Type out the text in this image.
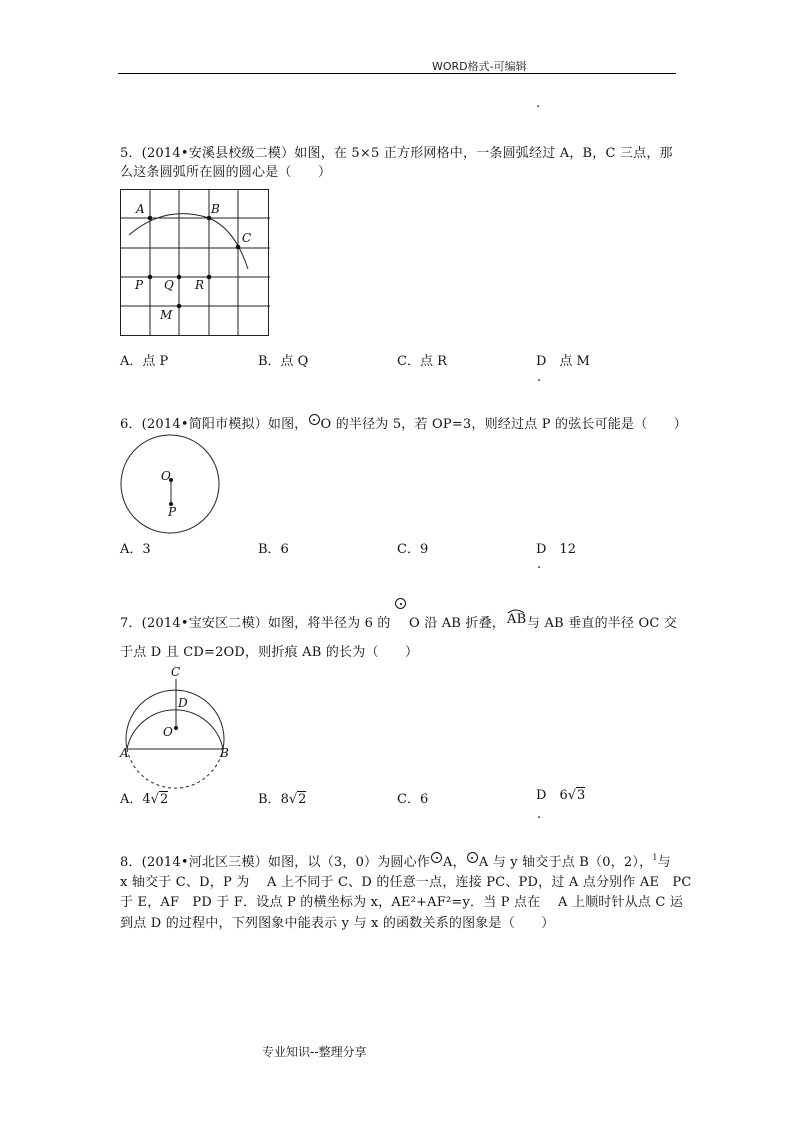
WORD格式-可编辑
.
5．(2014•安溪县校级二模）如图，在 5×5 正方形网格中，一条圆弧经过 A，B，C 三点，那
么这条圆弧所在圆的圆心是（　　）
A	B
C
P Q R
M
A．点 P	B．点 Q	C．点 R	D　点 M
.
6．(2014•简阳市模拟）如图， O 的半径为 5，若 OP=3，则经过点 P 的弦长可能是（　　）
O
P
A．3	B．6	C．9	D　12
.
7．(2014•宝安区二模）如图，将半径为 6 的 O 沿 AB 折叠， AB 与 AB 垂直的半径 OC 交
于点 D 且 CD=2OD，则折痕 AB 的长为（　　）
C
D
O
A	B
A．4√2	B．8√2	C．6	D  6√3
.
8．(2014•河北区三模）如图，以（3，0）为圆心作 A， A 与 y 轴交于点 B（0，2），$^1$与
x 轴交于 C、D，P 为　 A 上不同于 C、D 的任意一点，连接 PC、PD，过 A 点分别作 AE　PC
于 E，AF　PD 于 F．设点 P 的横坐标为 x，AE²+AF²=y．当 P 点在　 A 上顺时针从点 C 运
到点 D 的过程中，下列图象中能表示 y 与 x 的函数关系的图象是（　　）
专业知识--整理分享
